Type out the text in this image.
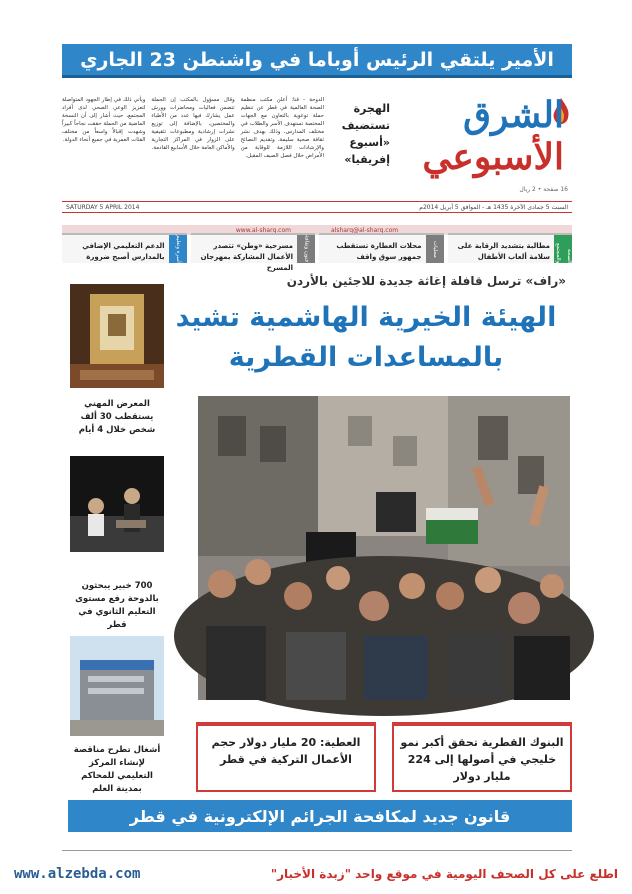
الأمير يلتقي الرئيس أوباما في واشنطن 23 الجاري
الشرق
الأسبوعي
16 صفحة • 2 ريال
الهجرة تستضيف «أسبوع إفريقيا»
الدوحة - قنا: أعلن مكتب منظمة الصحة العالمية في قطر عن تنظيم حملة توعوية بالتعاون مع الجهات المختصة تستهدف الأسر والطلاب في مختلف المدارس، وذلك بهدف نشر ثقافة صحية سليمة، وتقديم النصائح والإرشادات اللازمة للوقاية من الأمراض خلال فصل الصيف المقبل.
وقال مسؤول بالمكتب إن الحملة تتضمن فعاليات ومحاضرات وورش عمل يشارك فيها عدد من الأطباء والمختصين، بالإضافة إلى توزيع نشرات إرشادية ومطبوعات تثقيفية على الزوار في المراكز التجارية والأماكن العامة خلال الأسابيع القادمة.
ويأتي ذلك في إطار الجهود المتواصلة لتعزيز الوعي الصحي لدى أفراد المجتمع، حيث أشار إلى أن النسخة الماضية من الحملة حققت نجاحاً كبيراً وشهدت إقبالاً واسعاً من مختلف الفئات العمرية في جميع أنحاء الدولة.
السبت 5 جمادى الآخرة 1435 هـ - الموافق 5 أبريل 2014م
SATURDAY 5 APRIL 2014
www.al-sharq.com	alsharq@al-sharq.com
الصحة والمجتمع
مطالبة بتشديد الرقابة على سلامة ألعاب الأطفال
محليات
محلات العطارة تستقطب جمهور سوق واقف
فنون وثقافة
مسرحية «وطن» تتصدر الأعمال المشاركة بمهرجان المسرح
أسرة وتعليم
الدعم التعليمي الإضافي بالمدارس أصبح ضرورة
«راف» ترسل قافلة إغاثة جديدة للاجئين بالأردن
الهيئة الخيرية الهاشمية تشيد بالمساعدات القطرية
المعرض المهني يستقطب 30 ألف شخص خلال 4 أيام
700 خبير يبحثون بالدوحة رفع مستوى التعليم الثانوي في قطر
أشغال تطرح مناقصة لإنشاء المركز التعليمي للمحاكم بمدينة العلم
البنوك القطرية تحقق أكبر نمو خليجي في أصولها إلى 224 مليار دولار
العطية: 20 مليار دولار حجم الأعمال التركية في قطر
قانون جديد لمكافحة الجرائم الإلكترونية في قطر
اطلع على كل الصحف اليومية في موقع واحد "زبدة الأخبار"
www.alzebda.com
